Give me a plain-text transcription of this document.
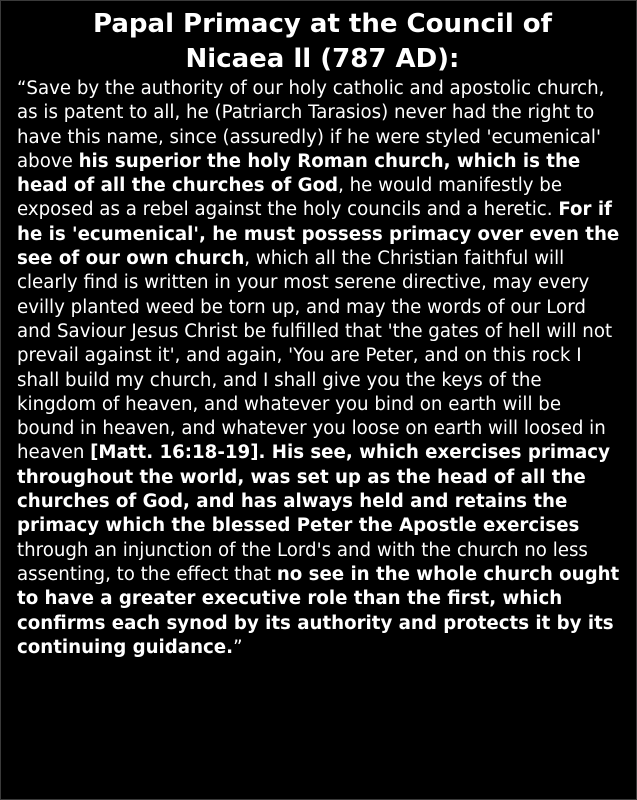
Papal Primacy at the Council of
Nicaea ll (787 AD):

“Save by the authority of our holy catholic and apostolic church, as is patent to all, he (Patriarch Tarasios) never had the right to have this name, since (assuredly) if he were styled 'ecumenical' above his superior the holy Roman church, which is the head of all the churches of God, he would manifestly be exposed as a rebel against the holy councils and a heretic. For if he is 'ecumenical', he must possess primacy over even the see of our own church, which all the Christian faithful will clearly find is written in your most serene directive, may every evilly planted weed be torn up, and may the words of our Lord and Saviour Jesus Christ be fulfilled that 'the gates of hell will not prevail against it', and again, 'You are Peter, and on this rock I shall build my church, and I shall give you the keys of the kingdom of heaven, and whatever you bind on earth will be bound in heaven, and whatever you loose on earth will loosed in heaven [Matt. 16:18-19]. His see, which exercises primacy throughout the world, was set up as the head of all the churches of God, and has always held and retains the primacy which the blessed Peter the Apostle exercises through an injunction of the Lord's and with the church no less assenting, to the effect that no see in the whole church ought to have a greater executive role than the first, which confirms each synod by its authority and protects it by its continuing guidance.”
